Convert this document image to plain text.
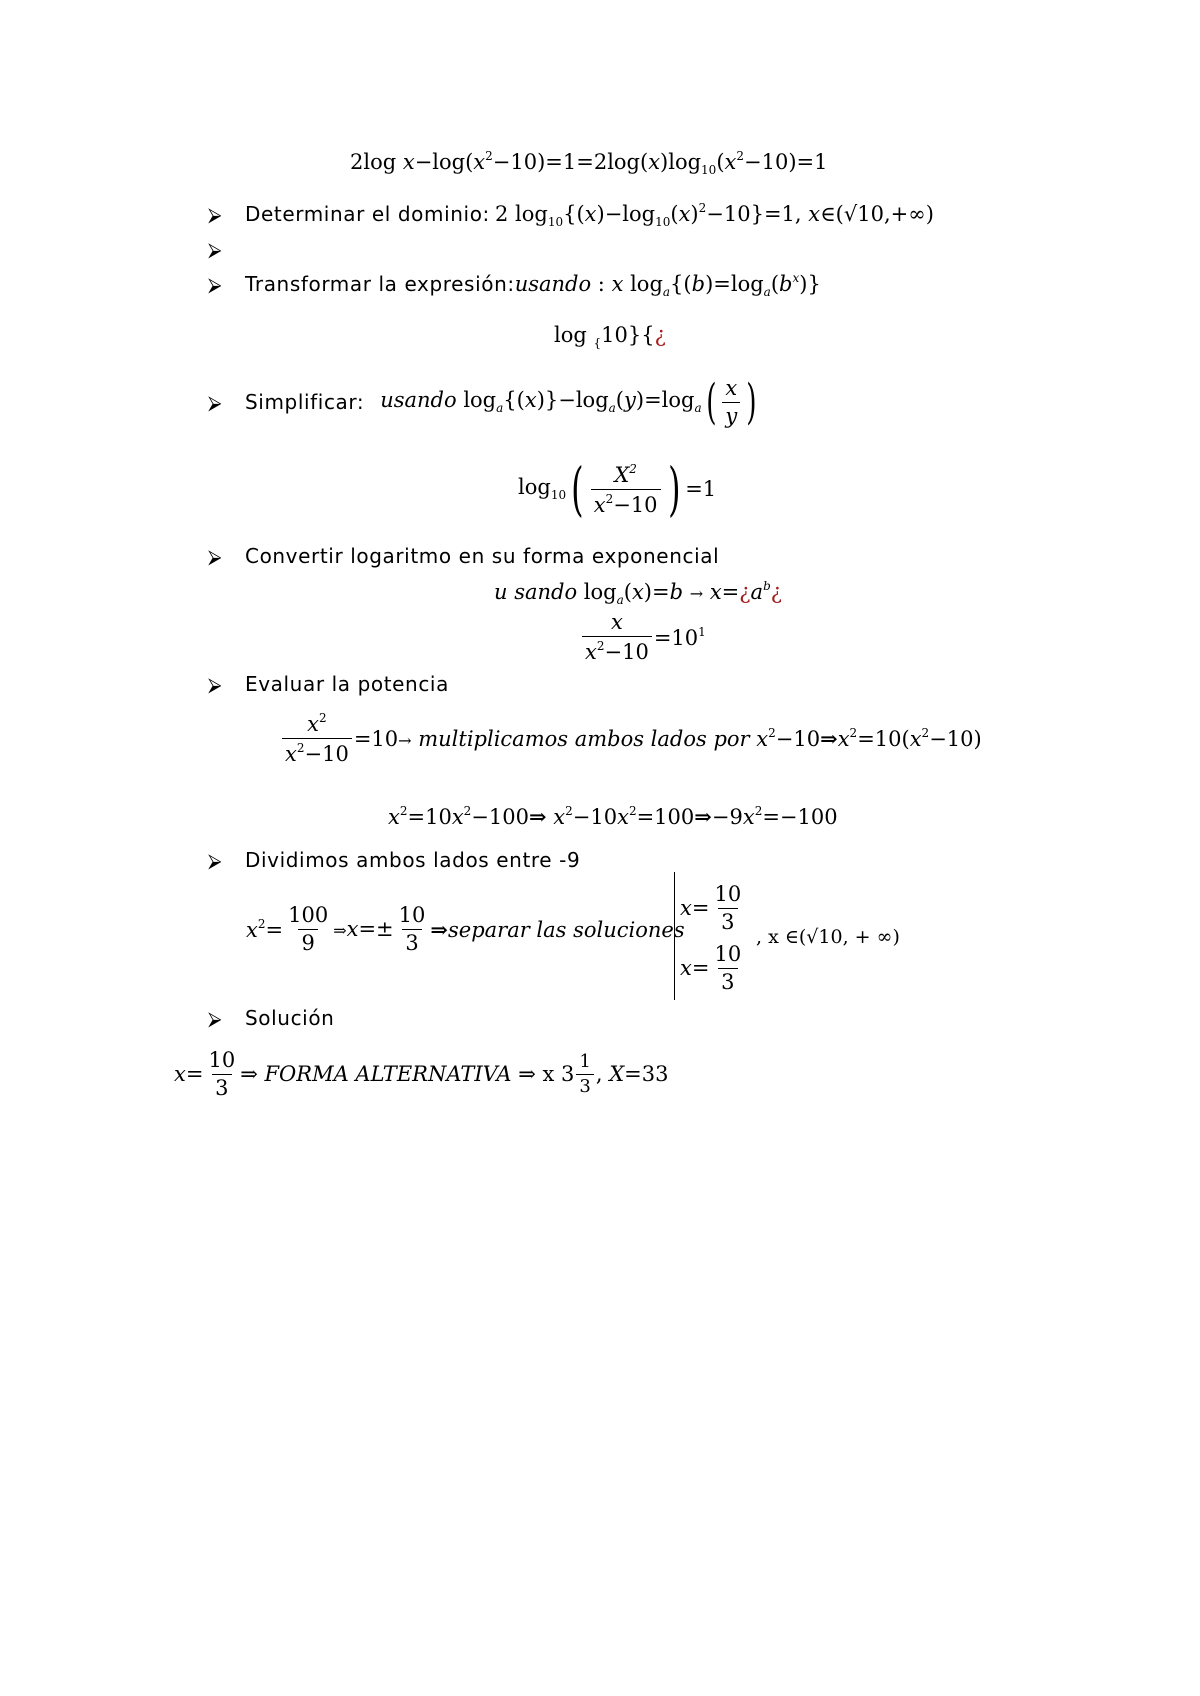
2log $x-\log(x^2-10)=1=2\log(x)\log_{10}(x^2-10)=1$
⮚ Determinar el dominio: 2 $\log_{10}\{(x)-\log_{10}(x)^2-10\}=1$, x∈(√10,+∞)
⮚
⮚ Transformar la expresión:usando : x $\log_a\{(b)=\log_a(b^x)\}$
log $_{\{}$10}{¿
⮚ Simplificar: usando $\log_a\{(x)\}-\log_a(y)=\log_a$ ( $\frac{x}{y}$ )
$\log_{10}$ ( $\frac{X^2}{x^2-10}$ ) =1
⮚ Convertir logaritmo en su forma exponencial
u sando $\log_a(x)=b$ → $x=¿a^b¿$
$\frac{x}{x^2-10} =10^1$
⮚ Evaluar la potencia
$\frac{x^2}{x^2-10} =10\to$ multiplicamos ambos lados por $x^2-10\Rightarrow x^2=10(x^2-10)$
$x^2=10x^2-100\Rightarrow$ $x^2-10x^2=100\Rightarrow-9x^2=-100$
⮚ Dividimos ambos lados entre -9
$x^2= \frac{100}{9}$ ⇒x=± $\frac{10}{3}$ ⇒separar las soluciones
$x= \frac{10}{3}$
$x= \frac{10}{3}$
, x ∈(√10, + ∞)
⮚ Solución
$x= \frac{10}{3}$ ⇒ FORMA ALTERNATIVA ⇒ x $3 \frac{1}{3}$ , X=33
